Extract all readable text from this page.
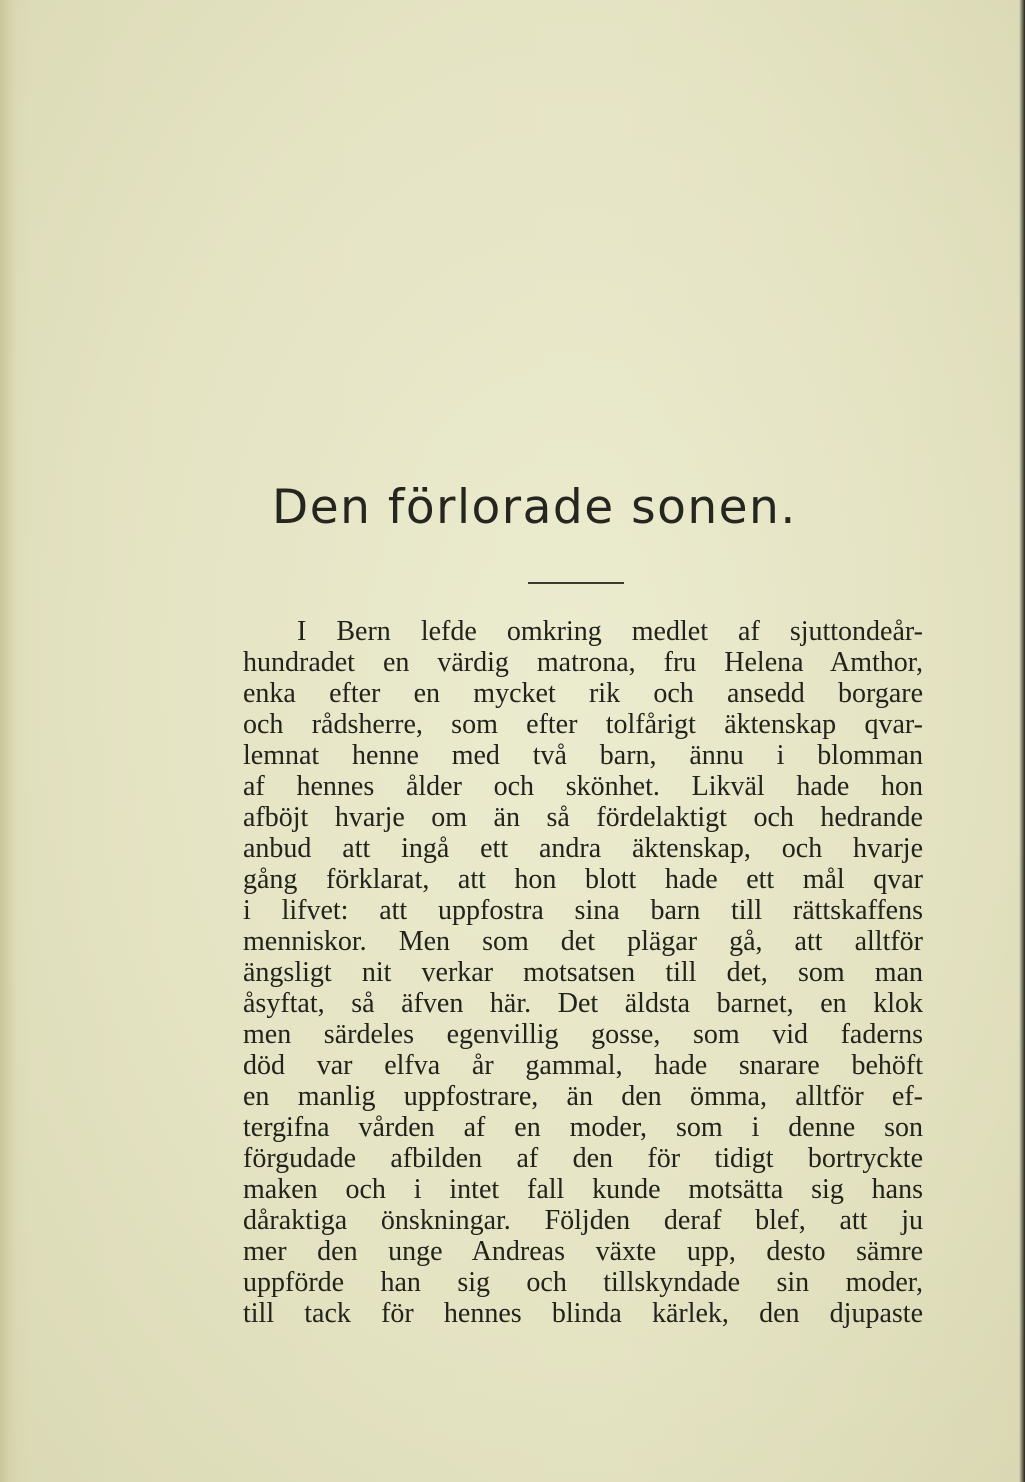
Den förlorade sonen.
I Bern lefde omkring medlet af sjuttondeår-
hundradet en värdig matrona, fru Helena Amthor,
enka efter en mycket rik och ansedd borgare
och rådsherre, som efter tolfårigt äktenskap qvar-
lemnat henne med två barn, ännu i blomman
af hennes ålder och skönhet. Likväl hade hon
afböjt hvarje om än så fördelaktigt och hedrande
anbud att ingå ett andra äktenskap, och hvarje
gång förklarat, att hon blott hade ett mål qvar
i lifvet: att uppfostra sina barn till rättskaffens
menniskor. Men som det plägar gå, att alltför
ängsligt nit verkar motsatsen till det, som man
åsyftat, så äfven här. Det äldsta barnet, en klok
men särdeles egenvillig gosse, som vid faderns
död var elfva år gammal, hade snarare behöft
en manlig uppfostrare, än den ömma, alltför ef-
tergifna vården af en moder, som i denne son
förgudade afbilden af den för tidigt bortryckte
maken och i intet fall kunde motsätta sig hans
dåraktiga önskningar. Följden deraf blef, att ju
mer den unge Andreas växte upp, desto sämre
uppförde han sig och tillskyndade sin moder,
till tack för hennes blinda kärlek, den djupaste
